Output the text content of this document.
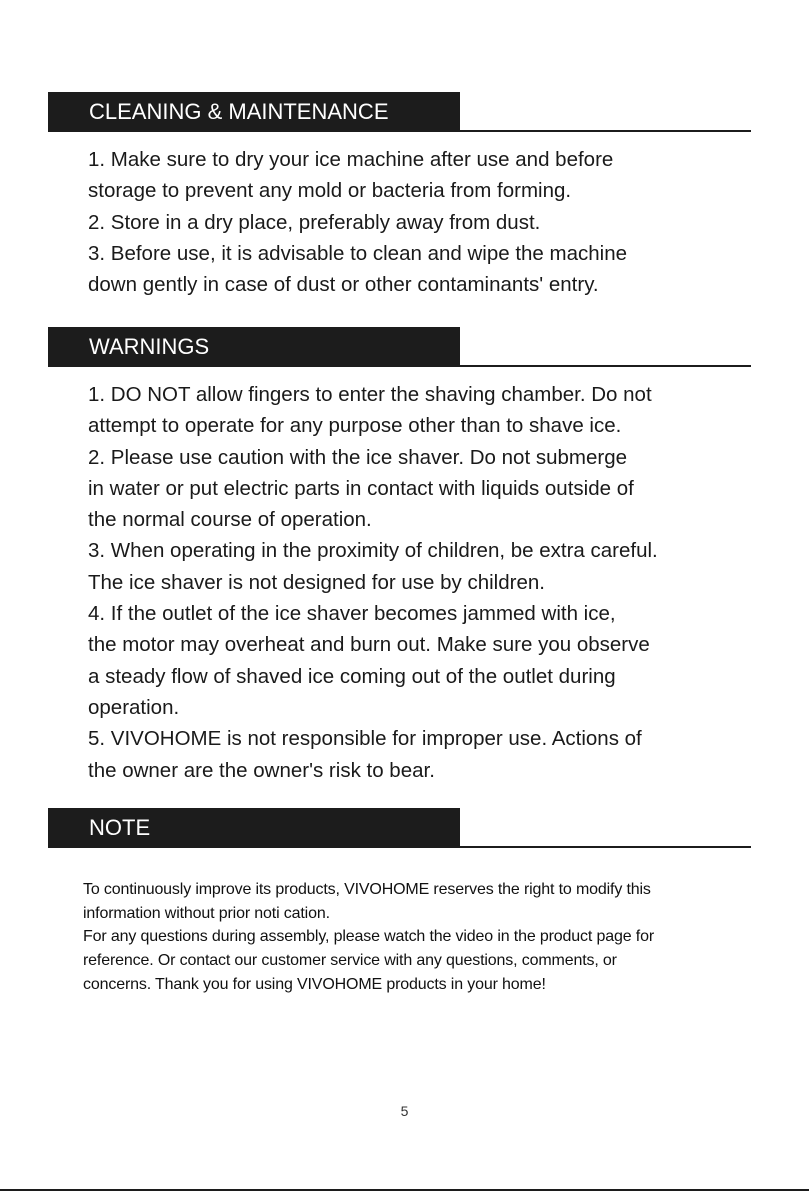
CLEANING & MAINTENANCE

1. Make sure to dry your ice machine after use and before

storage to prevent any mold or bacteria from forming.

2. Store in a dry place, preferably away from dust.

3. Before use, it is advisable to clean and wipe the machine

down gently in case of dust or other contaminants' entry.

WARNINGS

1. DO NOT allow fingers to enter the shaving chamber. Do not

attempt to operate for any purpose other than to shave ice.

2. Please use caution with the ice shaver. Do not submerge

in water or put electric parts in contact with liquids outside of

the normal course of operation.

3. When operating in the proximity of children, be extra careful.

The ice shaver is not designed for use by children.

4. If the outlet of the ice shaver becomes jammed with ice,

the motor may overheat and burn out. Make sure you observe

a steady flow of shaved ice coming out of the outlet during

operation.

5. VIVOHOME is not responsible for improper use. Actions of

the owner are the owner's risk to bear.

NOTE

To continuously improve its products, VIVOHOME reserves the right to modify this

information without prior noti cation.

For any questions during assembly, please watch the video in the product page for

reference. Or contact our customer service with any questions, comments, or

concerns. Thank you for using VIVOHOME products in your home!

5
